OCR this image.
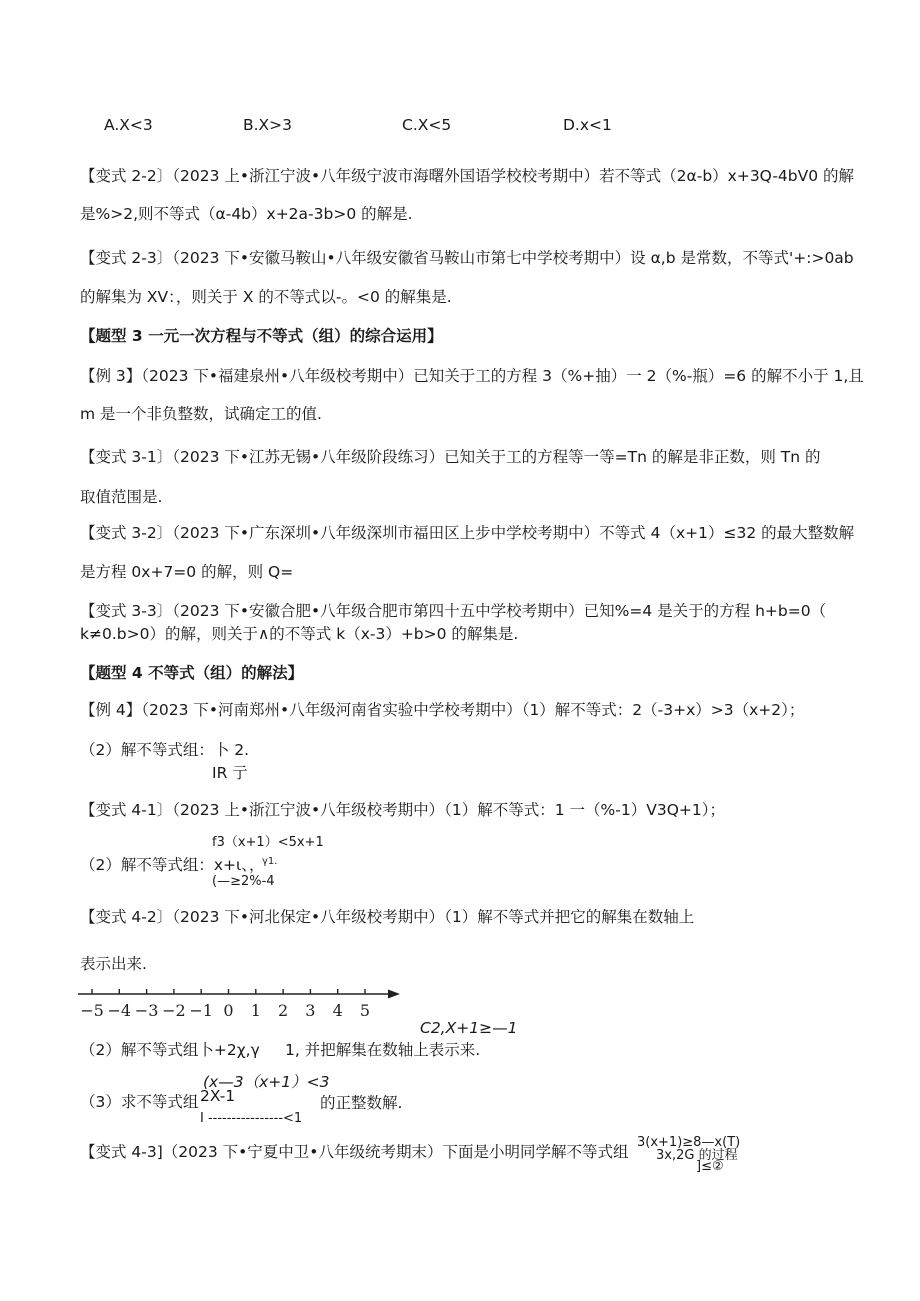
A.X<3	B.X>3	C.X<5	D.x<1
【变式 2-2〕（2023 上•浙江宁波•八年级宁波市海曙外国语学校校考期中）若不等式（2α-b）x+3Q-4bV0 的解
是%>2,则不等式（α-4b）x+2a-3b>0 的解是.
【变式 2-3〕（2023 下•安徽马鞍山•八年级安徽省马鞍山市第七中学校考期中）设 α,b 是常数，不等式'+:>0ab
的解集为 XV：，则关于 X 的不等式以-。<0 的解集是.
【题型 3 一元一次方程与不等式（组）的综合运用】
【例 3】（2023 下•福建泉州•八年级校考期中）已知关于工的方程 3（%+抽）一 2（%-瓶）=6 的解不小于 1,且
m 是一个非负整数，试确定工的值.
【变式 3-1〕（2023 下•江苏无锡•八年级阶段练习）已知关于工的方程等一等=Tn 的解是非正数，则 Tn 的
取值范围是.
【变式 3-2〕（2023 下•广东深圳•八年级深圳市福田区上步中学校考期中）不等式 4（x+1）≤32 的最大整数解
是方程 0x+7=0 的解，则 Q=
【变式 3-3〕（2023 下•安徽合肥•八年级合肥市第四十五中学校考期中）已知%=4 是关于的方程 h+b=0（
k≠0.b>0）的解，则关于∧的不等式 k（x-3）+b>0 的解集是.
【题型 4 不等式（组）的解法】
【例 4】（2023 下•河南郑州•八年级河南省实验中学校考期中）（1）解不等式：2（-3+x）>3（x+2）；
（2）解不等式组：卜 2.
IR 亍
【变式 4-1〕（2023 上•浙江宁波•八年级校考期中）（1）解不等式：1 一（%-1）V3Q+1）；
f3（x+1）<5x+1
（2）解不等式组：x+ι、，
γ1.
(—≥2%-4
【变式 4-2〕（2023 下•河北保定•八年级校考期中）（1）解不等式并把它的解集在数轴上
表示出来.
−5 −4 −3 −2 −1 0 1 2 3 4 5
C2,X+1≥—1
（2）解不等式组卜+2χ,γ 1, 并把解集在数轴上表示来.
(x—3（x+1）<3
（3）求不等式组 2X-1
I ----------------<1
的正整数解.
【变式 4-3]（2023 下•宁夏中卫•八年级统考期末）下面是小明同学解不等式组
3(x+1)≥8—x(T)
3x,2G 的过程
]≤②
